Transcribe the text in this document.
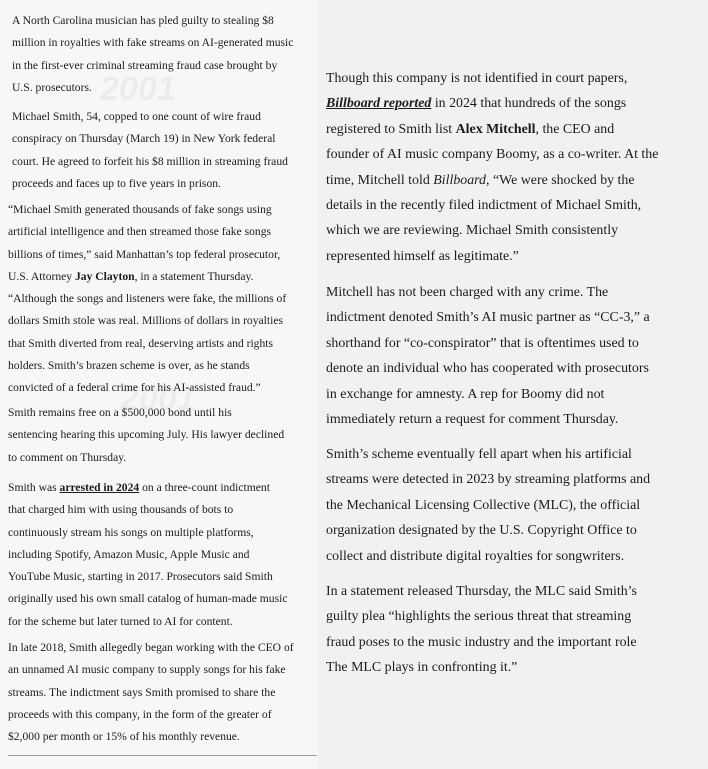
A North Carolina musician has pled guilty to stealing $8
million in royalties with fake streams on AI-generated music
in the first-ever criminal streaming fraud case brought by
U.S. prosecutors.
Michael Smith, 54, copped to one count of wire fraud
conspiracy on Thursday (March 19) in New York federal
court. He agreed to forfeit his $8 million in streaming fraud
proceeds and faces up to five years in prison.
“Michael Smith generated thousands of fake songs using
artificial intelligence and then streamed those fake songs
billions of times,” said Manhattan’s top federal prosecutor,
U.S. Attorney Jay Clayton, in a statement Thursday.
“Although the songs and listeners were fake, the millions of
dollars Smith stole was real. Millions of dollars in royalties
that Smith diverted from real, deserving artists and rights
holders. Smith’s brazen scheme is over, as he stands
convicted of a federal crime for his AI-assisted fraud.”
Smith remains free on a $500,000 bond until his
sentencing hearing this upcoming July. His lawyer declined
to comment on Thursday.
Smith was arrested in 2024 on a three-count indictment
that charged him with using thousands of bots to
continuously stream his songs on multiple platforms,
including Spotify, Amazon Music, Apple Music and
YouTube Music, starting in 2017. Prosecutors said Smith
originally used his own small catalog of human-made music
for the scheme but later turned to AI for content.
In late 2018, Smith allegedly began working with the CEO of
an unnamed AI music company to supply songs for his fake
streams. The indictment says Smith promised to share the
proceeds with this company, in the form of the greater of
$2,000 per month or 15% of his monthly revenue.
Though this company is not identified in court papers,
Billboard reported in 2024 that hundreds of the songs
registered to Smith list Alex Mitchell, the CEO and
founder of AI music company Boomy, as a co-writer. At the
time, Mitchell told Billboard, “We were shocked by the
details in the recently filed indictment of Michael Smith,
which we are reviewing. Michael Smith consistently
represented himself as legitimate.”
Mitchell has not been charged with any crime. The
indictment denoted Smith’s AI music partner as “CC-3,” a
shorthand for “co-conspirator” that is oftentimes used to
denote an individual who has cooperated with prosecutors
in exchange for amnesty. A rep for Boomy did not
immediately return a request for comment Thursday.
Smith’s scheme eventually fell apart when his artificial
streams were detected in 2023 by streaming platforms and
the Mechanical Licensing Collective (MLC), the official
organization designated by the U.S. Copyright Office to
collect and distribute digital royalties for songwriters.
In a statement released Thursday, the MLC said Smith’s
guilty plea “highlights the serious threat that streaming
fraud poses to the music industry and the important role
The MLC plays in confronting it.”
